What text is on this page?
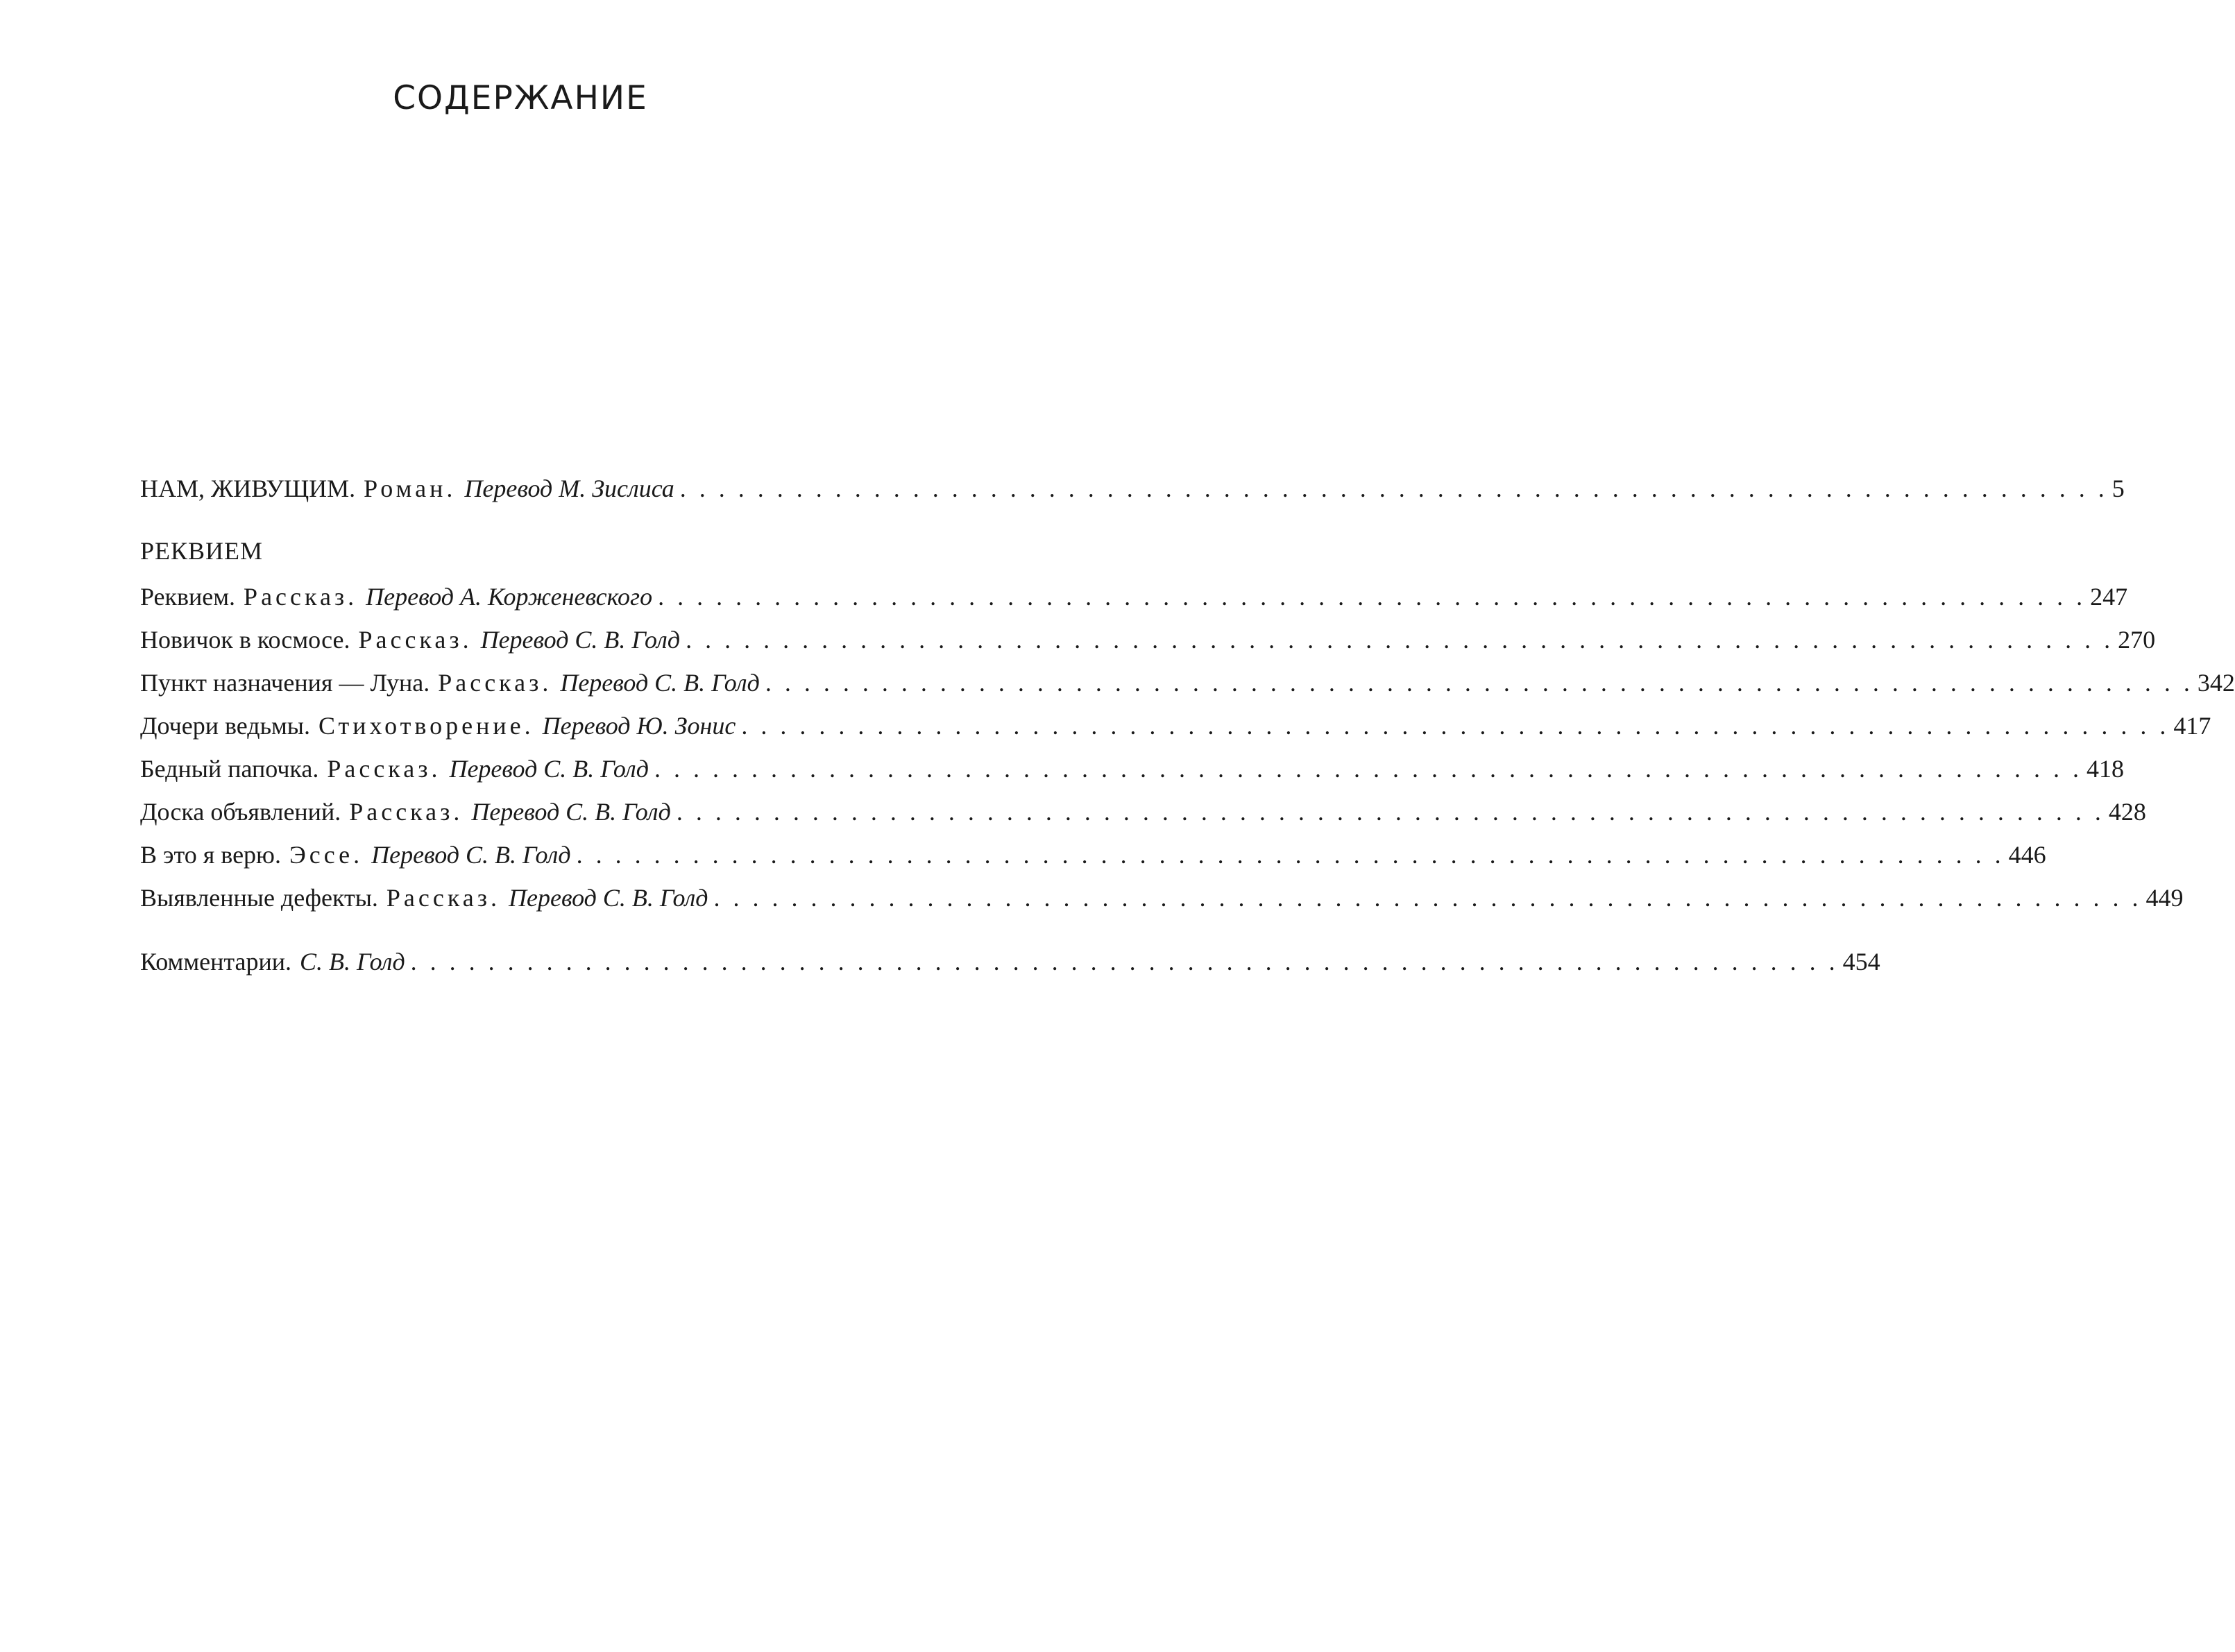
СОДЕРЖАНИЕ
НАМ, ЖИВУЩИМ. Роман. Перевод М. Зислиса . . . . . . . . . . . . . . . . . . . . . . . . . . . . . . . . . . . . . . . . . . . . . . . . . . . . . . . . . . . . . . . . . . . . . . . . . . 5
РЕКВИЕМ
Реквием. Рассказ. Перевод А. Корженевского . . . . . . . . . . . . . . . . . . . . . . . . . . . . . . . . . . . . . . . . . . . . . . . . . . . . . . . . . . . . . . . . . . . . . . . . . . 247
Новичок в космосе. Рассказ. Перевод С. В. Голд . . . . . . . . . . . . . . . . . . . . . . . . . . . . . . . . . . . . . . . . . . . . . . . . . . . . . . . . . . . . . . . . . . . . . . . . . . 270
Пункт назначения — Луна. Рассказ. Перевод С. В. Голд . . . . . . . . . . . . . . . . . . . . . . . . . . . . . . . . . . . . . . . . . . . . . . . . . . . . . . . . . . . . . . . . . . . . . . . . . . 342
Дочери ведьмы. Стихотворение. Перевод Ю. Зонис . . . . . . . . . . . . . . . . . . . . . . . . . . . . . . . . . . . . . . . . . . . . . . . . . . . . . . . . . . . . . . . . . . . . . . . . . . 417
Бедный папочка. Рассказ. Перевод С. В. Голд . . . . . . . . . . . . . . . . . . . . . . . . . . . . . . . . . . . . . . . . . . . . . . . . . . . . . . . . . . . . . . . . . . . . . . . . . . 418
Доска объявлений. Рассказ. Перевод С. В. Голд . . . . . . . . . . . . . . . . . . . . . . . . . . . . . . . . . . . . . . . . . . . . . . . . . . . . . . . . . . . . . . . . . . . . . . . . . . 428
В это я верю. Эссе. Перевод С. В. Голд . . . . . . . . . . . . . . . . . . . . . . . . . . . . . . . . . . . . . . . . . . . . . . . . . . . . . . . . . . . . . . . . . . . . . . . . . . 446
Выявленные дефекты. Рассказ. Перевод С. В. Голд . . . . . . . . . . . . . . . . . . . . . . . . . . . . . . . . . . . . . . . . . . . . . . . . . . . . . . . . . . . . . . . . . . . . . . . . . . 449
Комментарии. С. В. Голд . . . . . . . . . . . . . . . . . . . . . . . . . . . . . . . . . . . . . . . . . . . . . . . . . . . . . . . . . . . . . . . . . . . . . . . . . . 454
